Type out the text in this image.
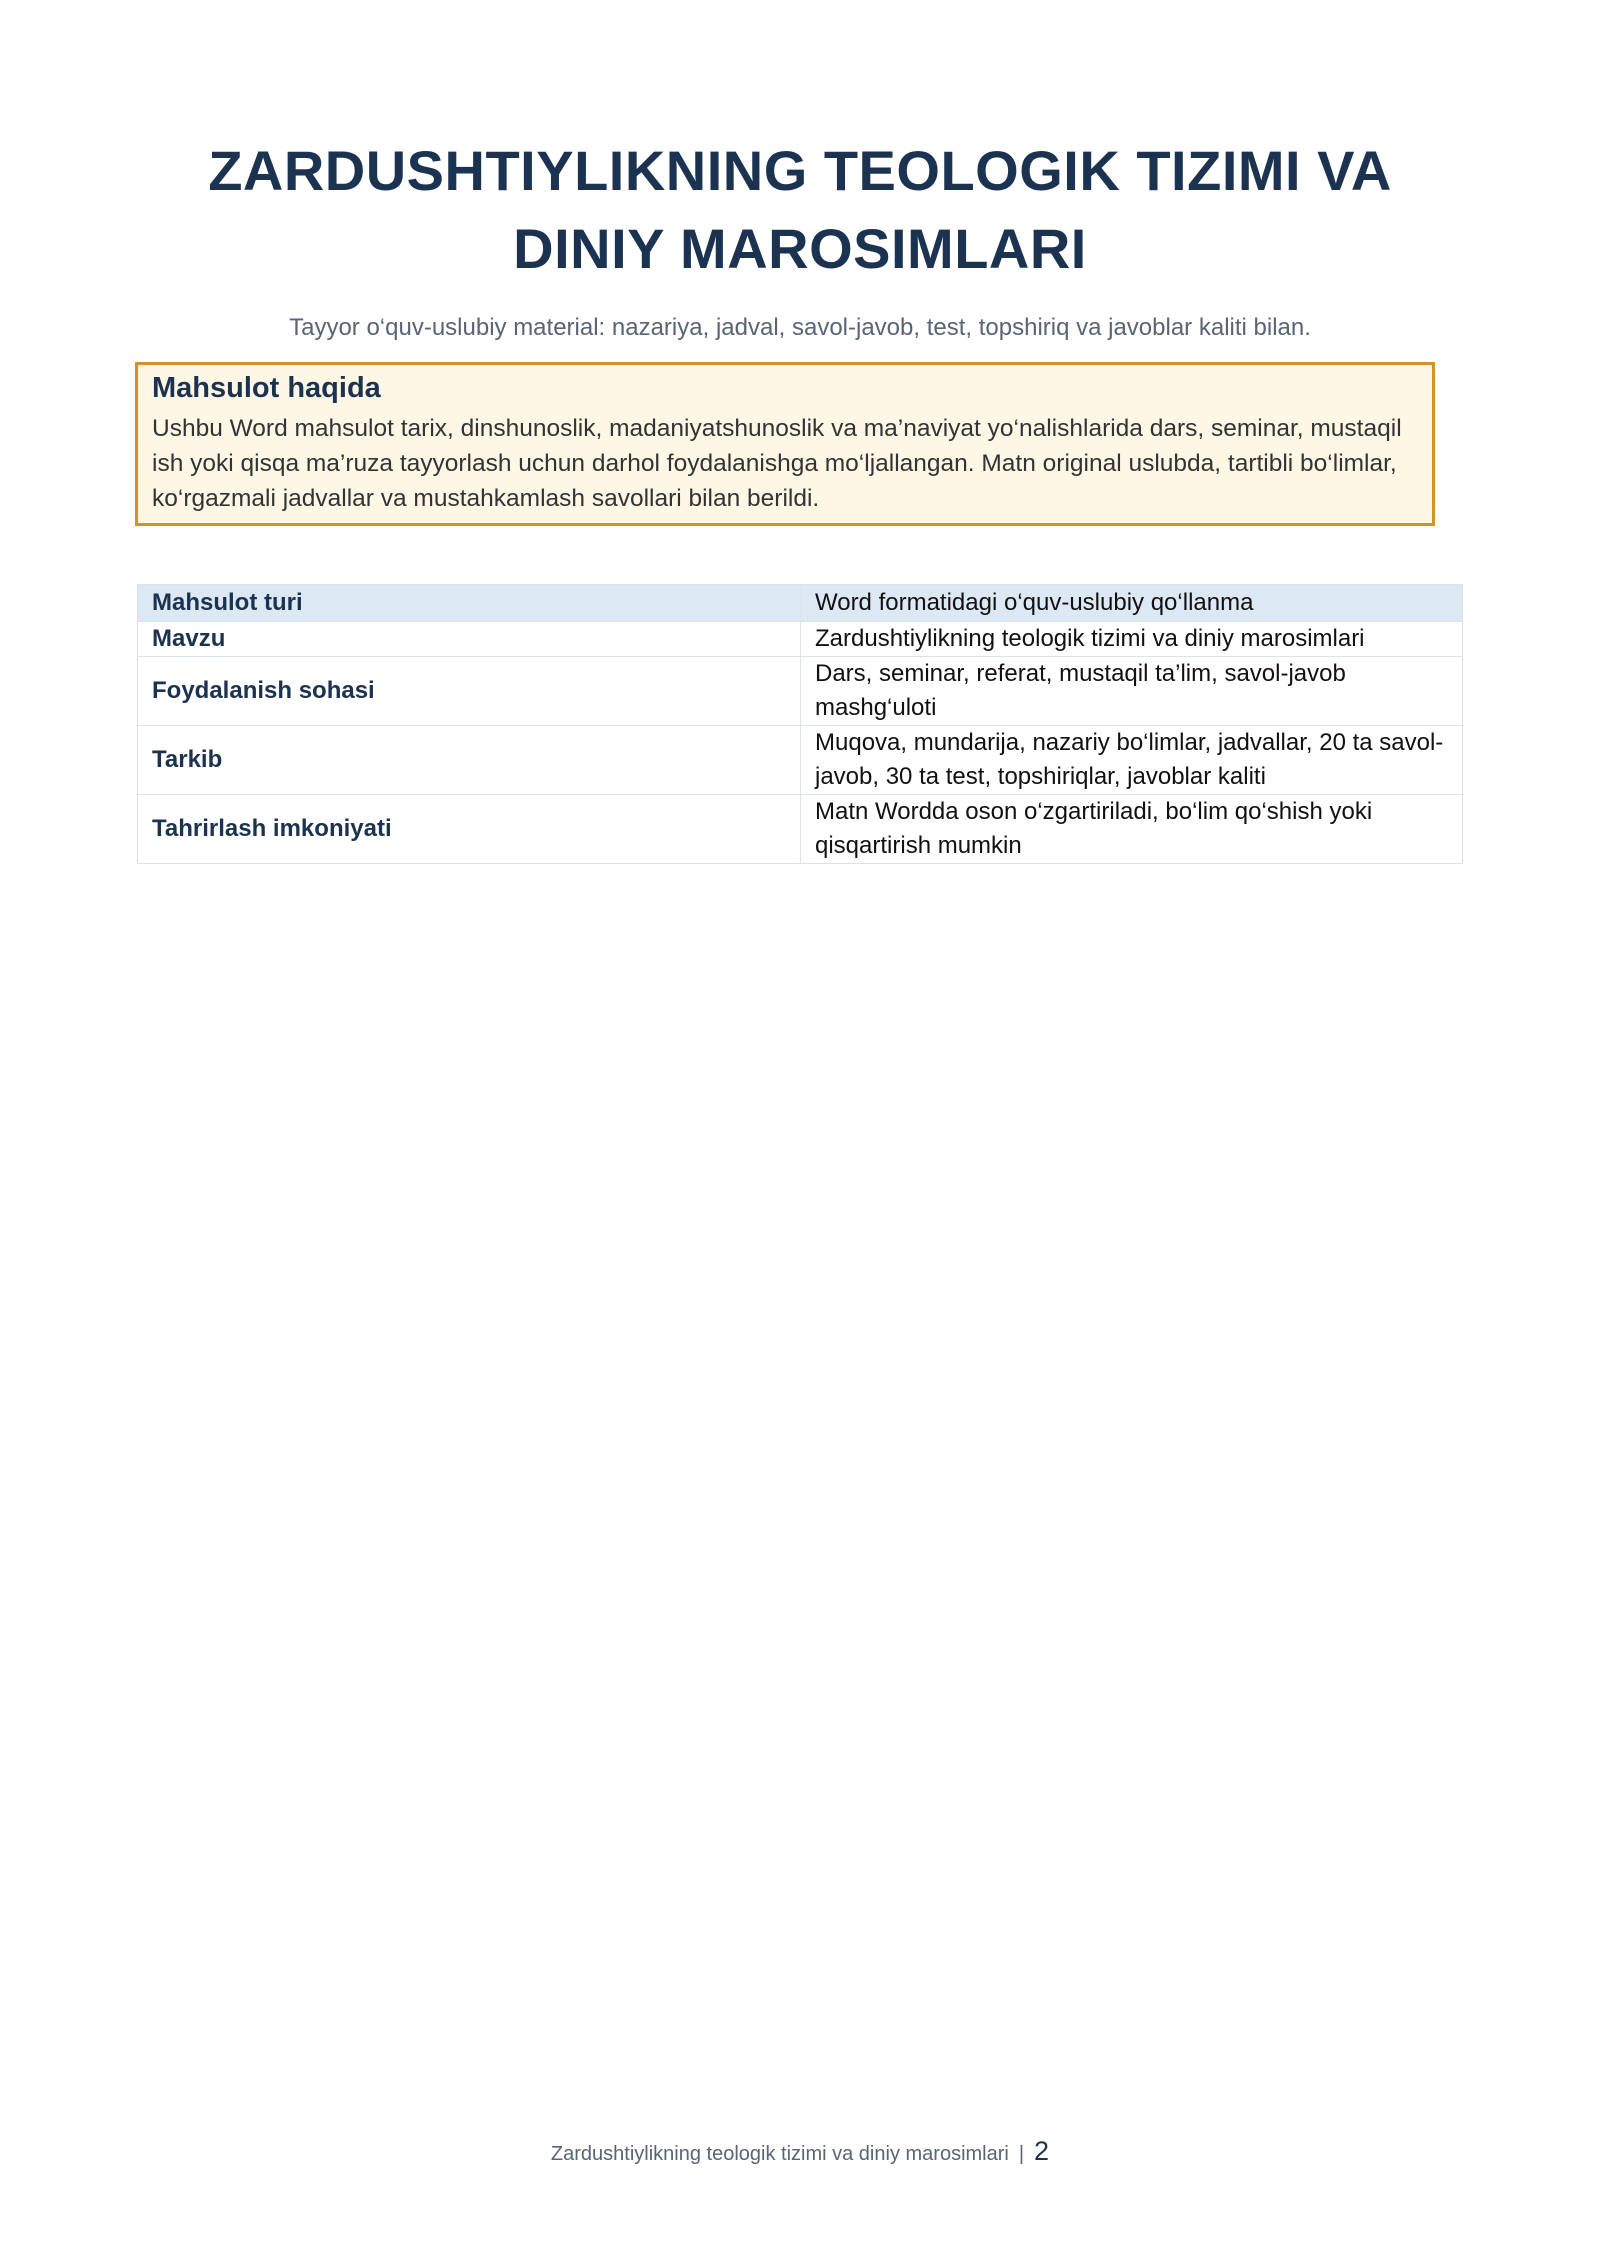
ZARDUSHTIYLIKNING TEOLOGIK TIZIMI VA DINIY MAROSIMLARI

Tayyor o‘quv-uslubiy material: nazariya, jadval, savol-javob, test, topshiriq va javoblar kaliti bilan.

Mahsulot haqida

Ushbu Word mahsulot tarix, dinshunoslik, madaniyatshunoslik va ma’naviyat yo‘nalishlarida dars, seminar, mustaqil ish yoki qisqa ma’ruza tayyorlash uchun darhol foydalanishga mo‘ljallangan. Matn original uslubda, tartibli bo‘limlar, ko‘rgazmali jadvallar va mustahkamlash savollari bilan berildi.

Mahsulot turi	Word formatidagi o‘quv-uslubiy qo‘llanma
Mavzu	Zardushtiylikning teologik tizimi va diniy marosimlari
Foydalanish sohasi	Dars, seminar, referat, mustaqil ta’lim, savol-javob mashg‘uloti
Tarkib	Muqova, mundarija, nazariy bo‘limlar, jadvallar, 20 ta savol-javob, 30 ta test, topshiriqlar, javoblar kaliti
Tahrirlash imkoniyati	Matn Wordda oson o‘zgartiriladi, bo‘lim qo‘shish yoki qisqartirish mumkin
Zardushtiylikning teologik tizimi va diniy marosimlari | 2
